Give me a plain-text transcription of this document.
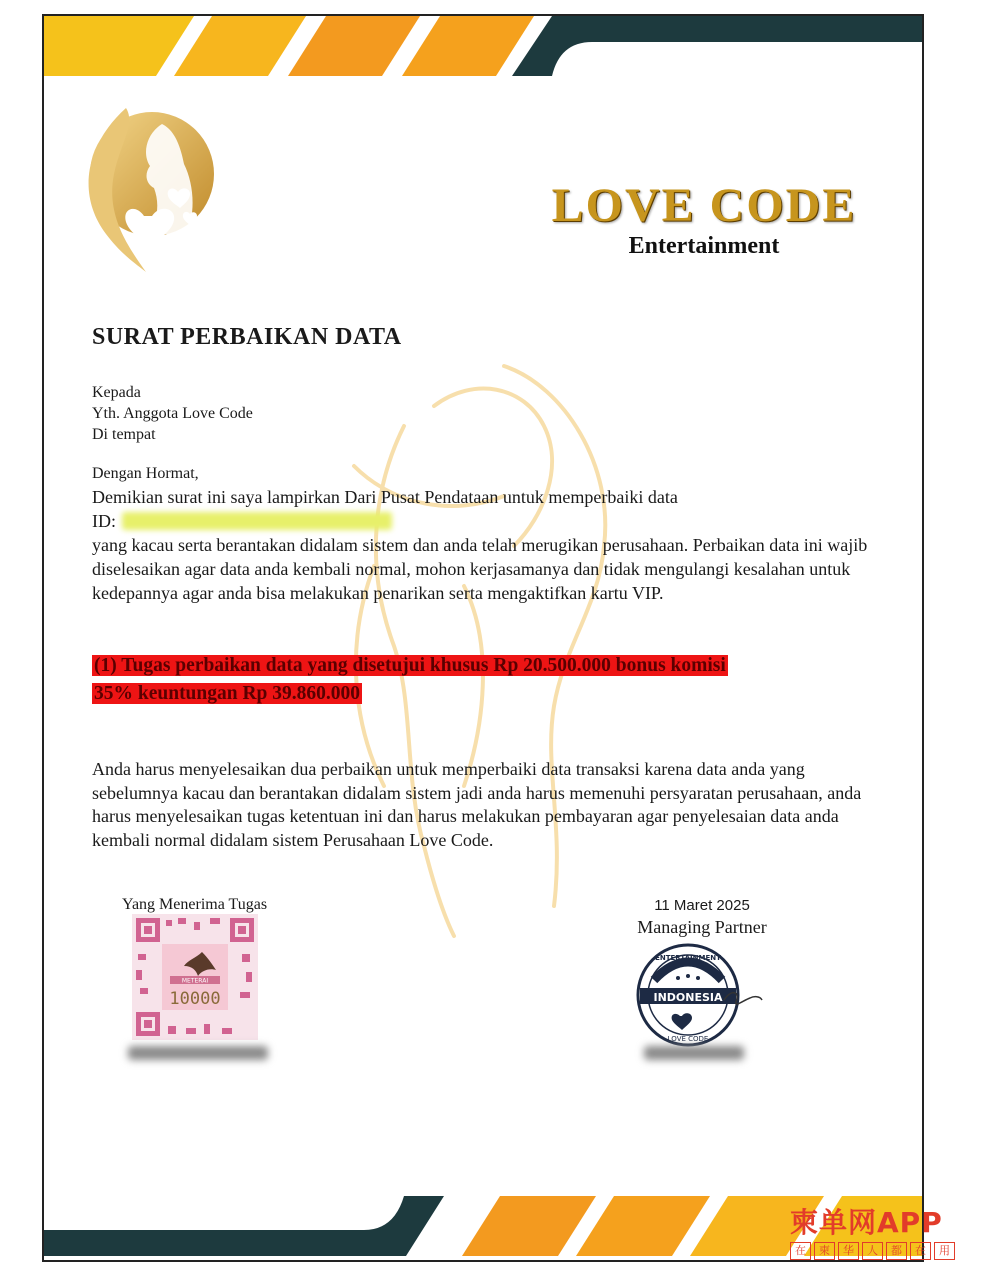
LOVE CODE
Entertainment
SURAT PERBAIKAN DATA
Kepada
Yth. Anggota Love Code
Di tempat
Dengan Hormat,
Demikian surat ini saya lampirkan Dari Pusat Pendataan untuk memperbaiki data
ID:
yang kacau serta berantakan didalam sistem dan anda telah merugikan perusahaan. Perbaikan data ini wajib diselesaikan agar data anda kembali normal, mohon kerjasamanya dan tidak mengulangi kesalahan untuk kedepannya agar anda bisa melakukan penarikan serta mengaktifkan kartu VIP.
(1) Tugas perbaikan data yang disetujui khusus Rp 20.500.000 bonus komisi
35% keuntungan Rp 39.860.000
Anda harus menyelesaikan dua perbaikan untuk memperbaiki data transaksi karena data anda yang sebelumnya kacau dan berantakan didalam sistem jadi anda harus memenuhi persyaratan perusahaan, anda harus menyelesaikan tugas ketentuan ini dan harus melakukan pembayaran agar penyelesaian data anda kembali normal didalam sistem Perusahaan Love Code.
Yang Menerima Tugas
METERAI
10000
11 Maret 2025
Managing Partner
ENTERTAINMENT
INDONESIA
LOVE CODE
柬单网APP
在	柬	华	人	都	在	用
